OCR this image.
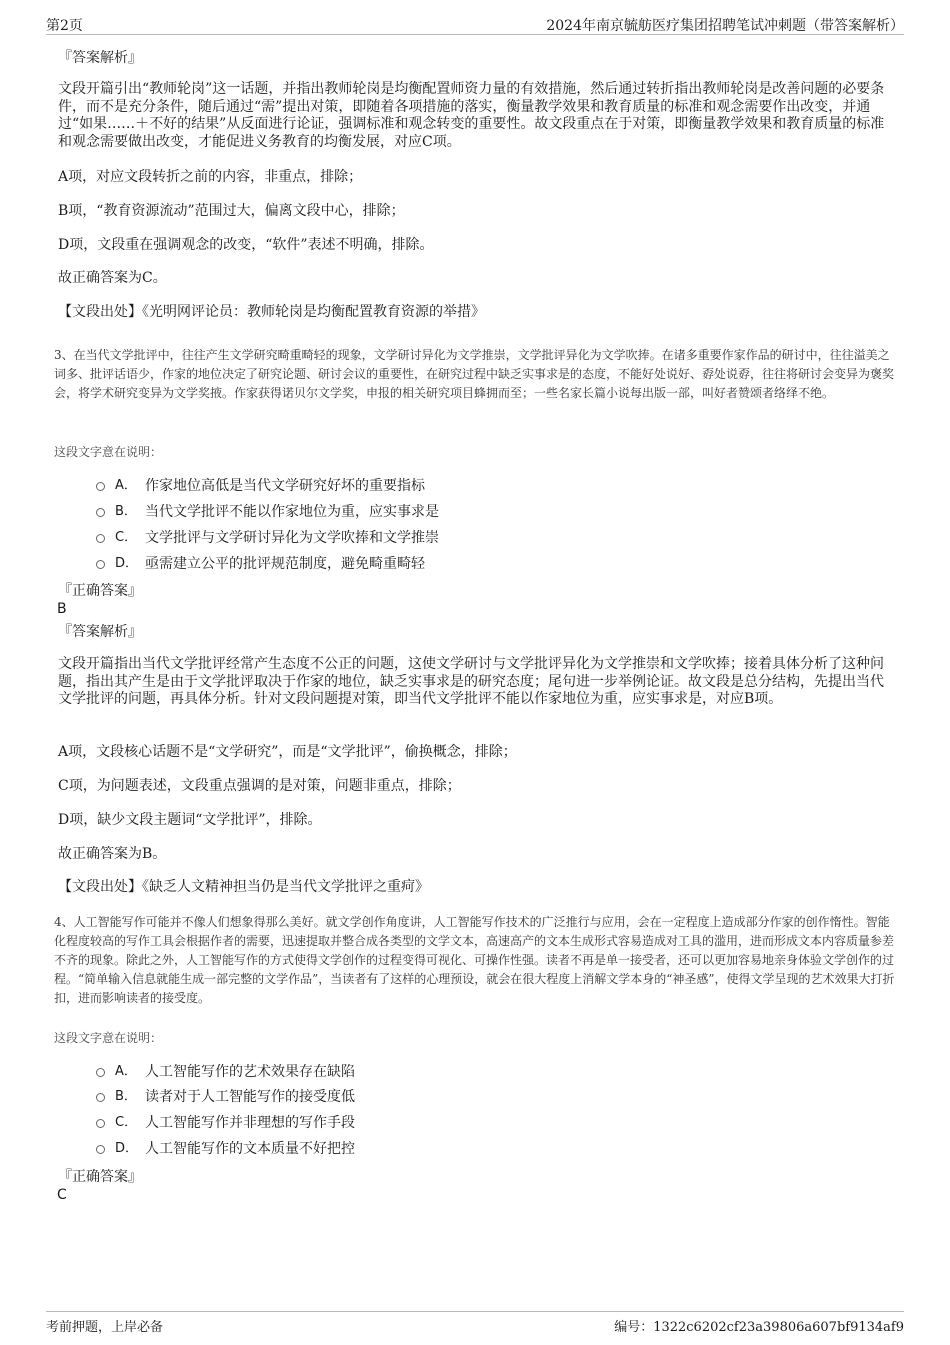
第2页	2024年南京毓舫医疗集团招聘笔试冲刺题（带答案解析）
『答案解析』
文段开篇引出“教师轮岗”这一话题，并指出教师轮岗是均衡配置师资力量的有效措施，然后通过转折指出教师轮岗是改善问题的必要条件，而不是充分条件，随后通过“需”提出对策，即随着各项措施的落实，衡量教学效果和教育质量的标准和观念需要作出改变，并通过“如果……＋不好的结果”从反面进行论证，强调标准和观念转变的重要性。故文段重点在于对策，即衡量教学效果和教育质量的标准和观念需要做出改变，才能促进义务教育的均衡发展，对应C项。
A项，对应文段转折之前的内容，非重点，排除；
B项，“教育资源流动”范围过大，偏离文段中心，排除；
D项，文段重在强调观念的改变，“软件”表述不明确，排除。
故正确答案为C。
【文段出处】《光明网评论员：教师轮岗是均衡配置教育资源的举措》
3、在当代文学批评中，往往产生文学研究畸重畸轻的现象，文学研讨异化为文学推崇，文学批评异化为文学吹捧。在诸多重要作家作品的研讨中，往往溢美之词多、批评话语少，作家的地位决定了研究论题、研讨会议的重要性，在研究过程中缺乏实事求是的态度，不能好处说好、孬处说孬，往往将研讨会变异为褒奖会，将学术研究变异为文学奖掖。作家获得诺贝尔文学奖，申报的相关研究项目蜂拥而至；一些名家长篇小说每出版一部，叫好者赞颂者络绎不绝。
这段文字意在说明：
A． 作家地位高低是当代文学研究好坏的重要指标
B． 当代文学批评不能以作家地位为重，应实事求是
C． 文学批评与文学研讨异化为文学吹捧和文学推崇
D． 亟需建立公平的批评规范制度，避免畸重畸轻
『正确答案』
B
『答案解析』
文段开篇指出当代文学批评经常产生态度不公正的问题，这使文学研讨与文学批评异化为文学推崇和文学吹捧；接着具体分析了这种问题，指出其产生是由于文学批评取决于作家的地位，缺乏实事求是的研究态度；尾句进一步举例论证。故文段是总分结构，先提出当代文学批评的问题，再具体分析。针对文段问题提对策，即当代文学批评不能以作家地位为重，应实事求是，对应B项。
A项，文段核心话题不是“文学研究”，而是“文学批评”，偷换概念，排除；
C项，为问题表述，文段重点强调的是对策，问题非重点，排除；
D项，缺少文段主题词“文学批评”，排除。
故正确答案为B。
【文段出处】《缺乏人文精神担当仍是当代文学批评之重疴》
4、人工智能写作可能并不像人们想象得那么美好。就文学创作角度讲，人工智能写作技术的广泛推行与应用，会在一定程度上造成部分作家的创作惰性。智能化程度较高的写作工具会根据作者的需要，迅速提取并整合成各类型的文学文本，高速高产的文本生成形式容易造成对工具的滥用，进而形成文本内容质量参差不齐的现象。除此之外，人工智能写作的方式使得文学创作的过程变得可视化、可操作性强。读者不再是单一接受者，还可以更加容易地亲身体验文学创作的过程。“简单输入信息就能生成一部完整的文学作品”，当读者有了这样的心理预设，就会在很大程度上消解文学本身的“神圣感”，使得文学呈现的艺术效果大打折扣，进而影响读者的接受度。
这段文字意在说明：
A． 人工智能写作的艺术效果存在缺陷
B． 读者对于人工智能写作的接受度低
C． 人工智能写作并非理想的写作手段
D． 人工智能写作的文本质量不好把控
『正确答案』
C
考前押题，上岸必备	编号：1322c6202cf23a39806a607bf9134af9
